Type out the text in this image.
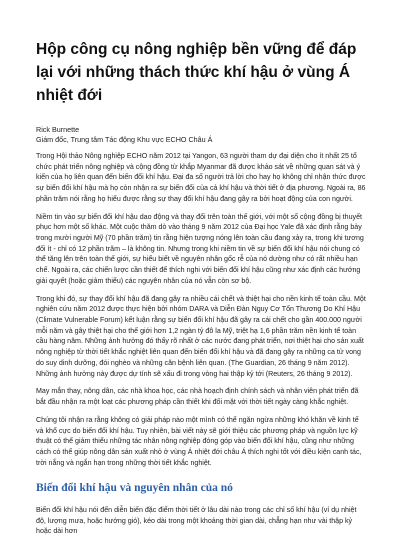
Hộp công cụ nông nghiệp bền vững để đáp lại với những thách thức khí hậu ở vùng Á nhiệt đới
Rick Burnette
Giám đốc, Trung tâm Tác động Khu vực ECHO Châu Á

Trong Hội thảo Nông nghiệp ECHO năm 2012 tại Yangon, 63 người tham dự đại diện cho ít nhất 25 tổ chức phát triển nông nghiệp và cộng đồng từ khắp Myanmar đã được khảo sát về những quan sát và ý kiến của họ liên quan đến biến đổi khí hậu. Đại đa số người trả lời cho hay họ không chỉ nhận thức được sự biến đổi khí hậu mà họ còn nhận ra sự biến đổi của cả khí hậu và thời tiết ở địa phương. Ngoài ra, 86 phần trăm nói rằng họ hiểu được rằng sự thay đổi khí hậu đang gây ra bởi hoạt động của con người.

Niềm tin vào sự biến đổi khí hậu dao động và thay đổi trên toàn thế giới, với một số cộng đồng bị thuyết phục hơn một số khác. Một cuộc thăm dò vào tháng 9 năm 2012 của Đại học Yale đã xác định rằng bảy trong mười người Mỹ (70 phần trăm) tin rằng hiện tượng nóng lên toàn cầu đang xảy ra, trong khi tương đối ít - chỉ có 12 phần trăm – là không tin. Nhưng trong khi niềm tin về sự biến đổi khí hậu nói chung có thể tăng lên trên toàn thế giới, sự hiểu biết về nguyên nhân gốc rễ của nó dường như có rất nhiều hạn chế. Ngoài ra, các chiến lược cần thiết để thích nghi với biến đổi khí hậu cũng như xác định các hướng giải quyết (hoặc giảm thiểu) các nguyên nhân của nó vẫn còn sơ bộ.

Trong khi đó, sự thay đổi khí hậu đã đang gây ra nhiều cái chết và thiệt hại cho nền kinh tế toàn cầu. Một nghiên cứu năm 2012 được thực hiện bởi nhóm DARA và Diễn Đàn Nguy Cơ Tổn Thương Do Khí Hậu (Climate Vulnerable Forum) kết luận rằng sự biến đổi khí hậu đã gây ra cái chết cho gần 400.000 người mỗi năm và gây thiệt hại cho thế giới hơn 1,2 ngàn tỷ đô la Mỹ, triệt hạ 1,6 phần trăm nền kinh tế toàn cầu hàng năm. Những ảnh hưởng đó thấy rõ nhất ở các nước đang phát triển, nơi thiệt hại cho sản xuất nông nghiệp từ thời tiết khắc nghiệt liên quan đến biến đổi khí hậu và đã đang gây ra những ca tử vong do suy dinh dưỡng, đói nghèo và những căn bệnh liên quan. (The Guardian, 26 tháng 9 năm 2012). Những ảnh hưởng này được dự tính sẽ xấu đi trong vòng hai thập kỷ tới (Reuters, 26 tháng 9 2012).

May mắn thay, nông dân, các nhà khoa học, các nhà hoạch định chính sách và nhân viên phát triển đã bắt đầu nhận ra một loạt các phương pháp cần thiết khi đối mặt với thời tiết ngày càng khắc nghiệt.

Chúng tôi nhận ra rằng không có giải pháp nào một mình có thể ngăn ngừa những khó khăn về kinh tế và khổ cực do biến đổi khí hậu. Tuy nhiên, bài viết này sẽ giới thiệu các phương pháp và nguồn lực kỹ thuật có thể giảm thiểu những tác nhân nông nghiệp đóng góp vào biến đổi khí hậu, cũng như những cách có thể giúp nông dân sản xuất nhỏ ở vùng Á nhiệt đới châu Á thích nghi tốt với điều kiện canh tác, trời nắng và ngắn hạn trong những thời tiết khắc nghiệt.

Biến đổi khí hậu và nguyên nhân của nó

Biến đổi khí hậu nói đến diễn biến đặc điểm thời tiết ở lâu dài nào trong các chỉ số khí hậu (ví dụ nhiệt độ, lượng mưa, hoặc hướng gió), kéo dài trong một khoảng thời gian dài, chẳng hạn như vài thập kỷ hoặc dài hơn
